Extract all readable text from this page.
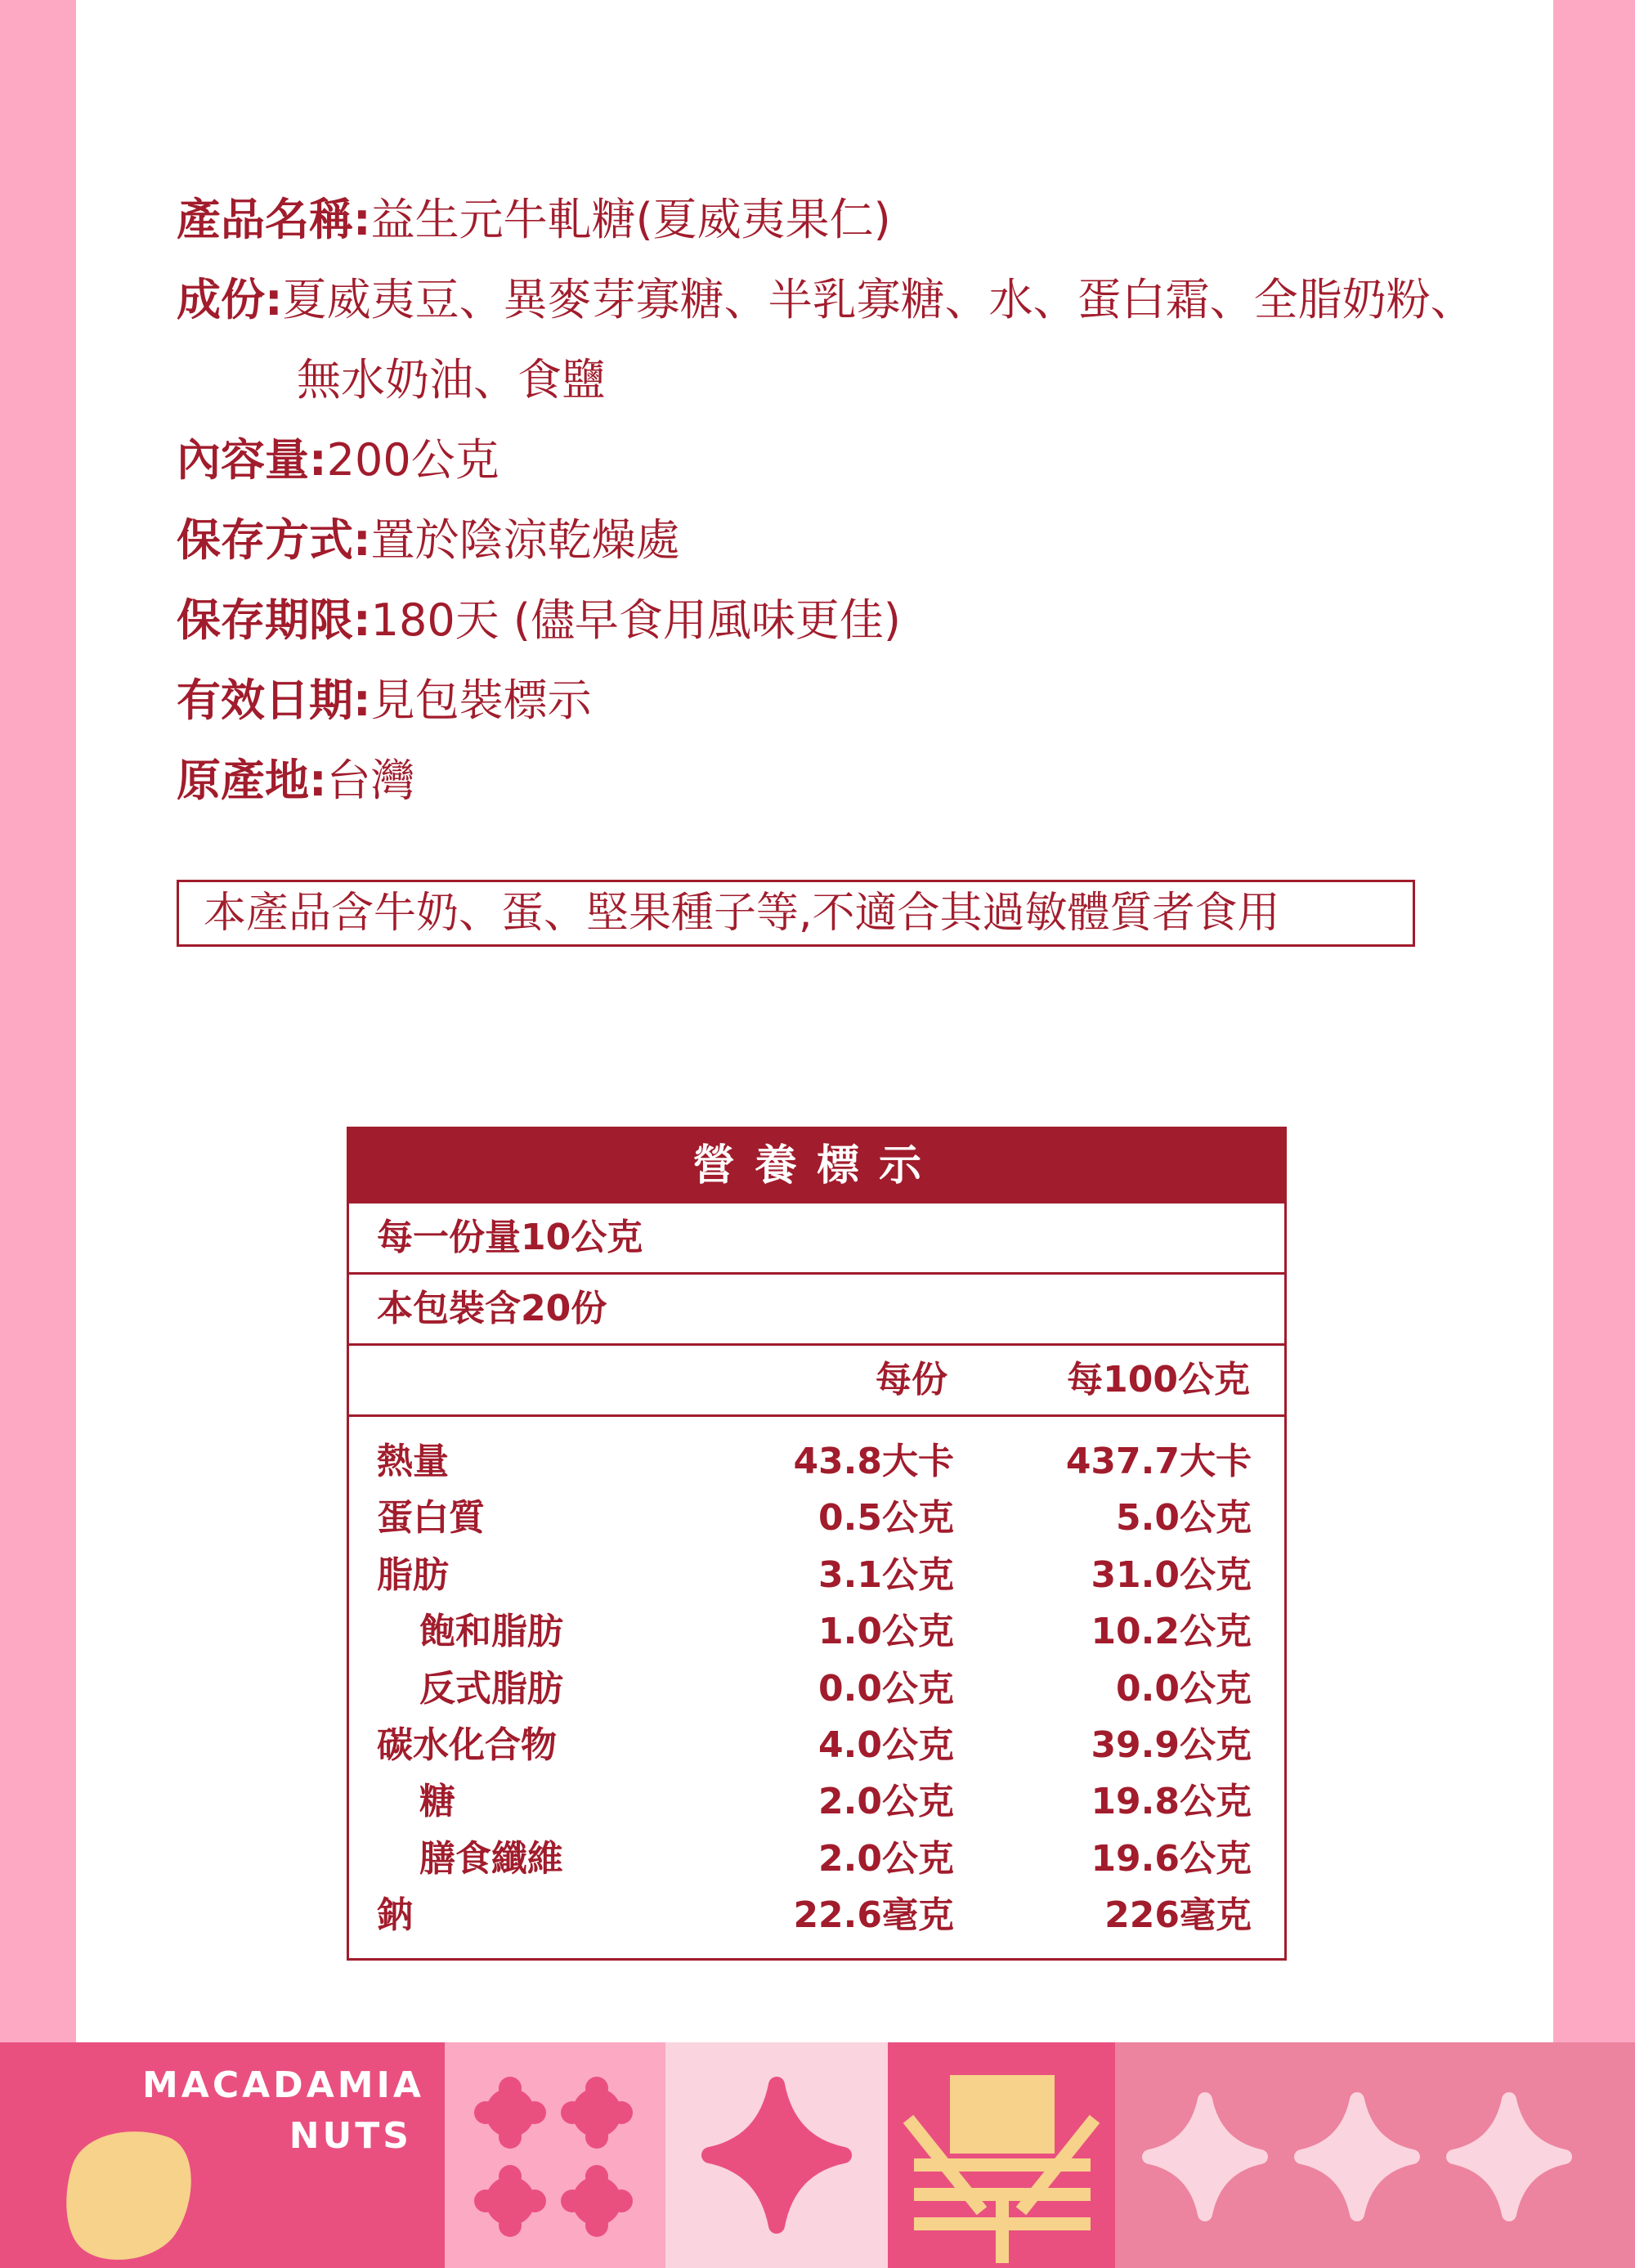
產品名稱:益生元牛軋糖(夏威夷果仁)
成份:夏威夷豆、異麥芽寡糖、半乳寡糖、水、蛋白霜、全脂奶粉、
無水奶油、食鹽
內容量:200公克
保存方式:置於陰涼乾燥處
保存期限:180天 (儘早食用風味更佳)
有效日期:見包裝標示
原產地:台灣
本產品含牛奶、蛋、堅果種子等,不適合其過敏體質者食用
營養標示
每一份量10公克
本包裝含20份
每份	每100公克
熱量	43.8大卡	437.7大卡
蛋白質	0.5公克	5.0公克
脂肪	3.1公克	31.0公克
飽和脂肪	1.0公克	10.2公克
反式脂肪	0.0公克	0.0公克
碳水化合物	4.0公克	39.9公克
糖	2.0公克	19.8公克
膳食纖維	2.0公克	19.6公克
鈉	22.6毫克	226毫克
MACADAMIA
NUTS
